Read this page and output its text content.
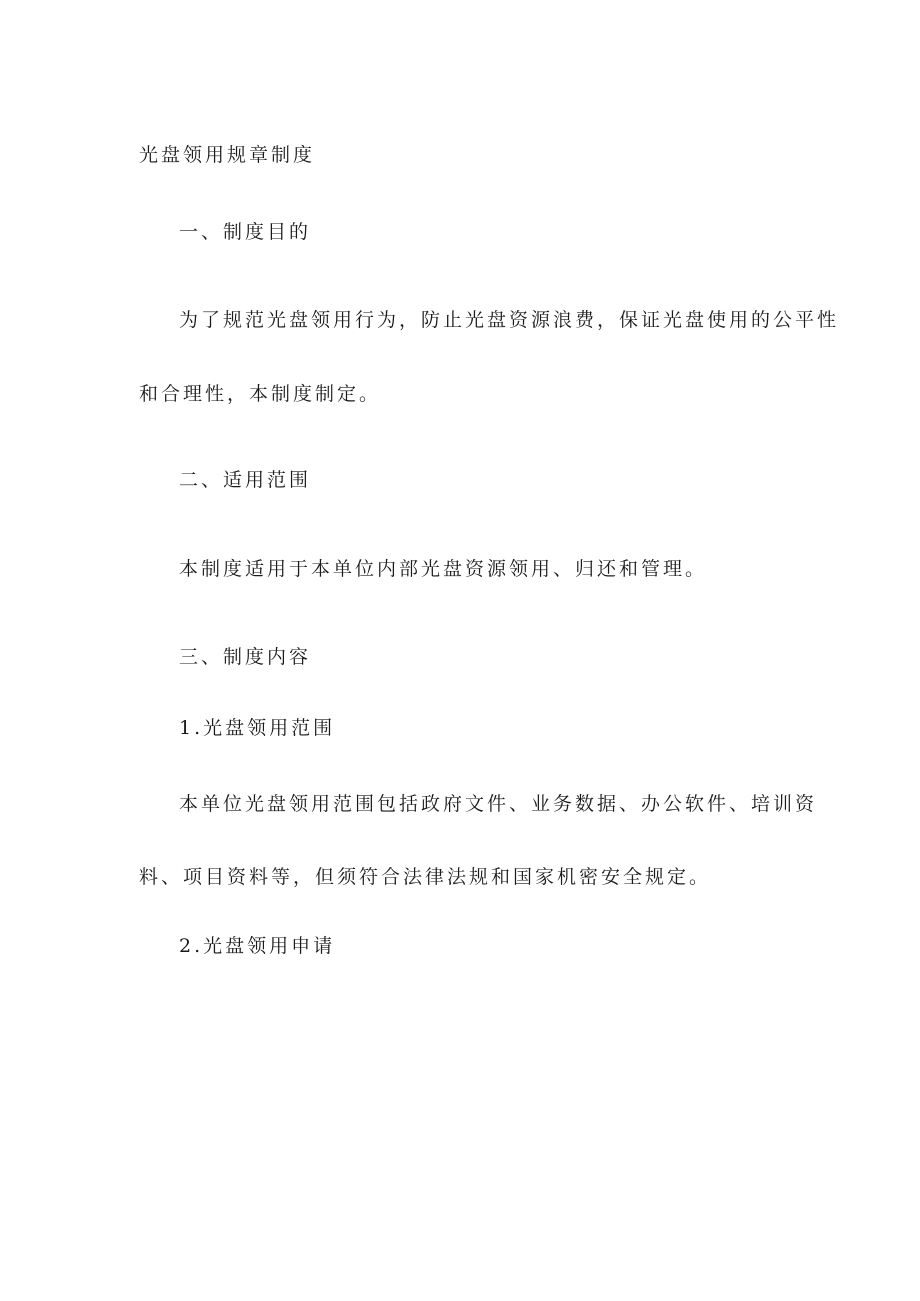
光盘领用规章制度
一、制度目的
为了规范光盘领用行为，防止光盘资源浪费，保证光盘使用的公平性
和合理性，本制度制定。
二、适用范围
本制度适用于本单位内部光盘资源领用、归还和管理。
三、制度内容
1.光盘领用范围
本单位光盘领用范围包括政府文件、业务数据、办公软件、培训资
料、项目资料等，但须符合法律法规和国家机密安全规定。
2.光盘领用申请
